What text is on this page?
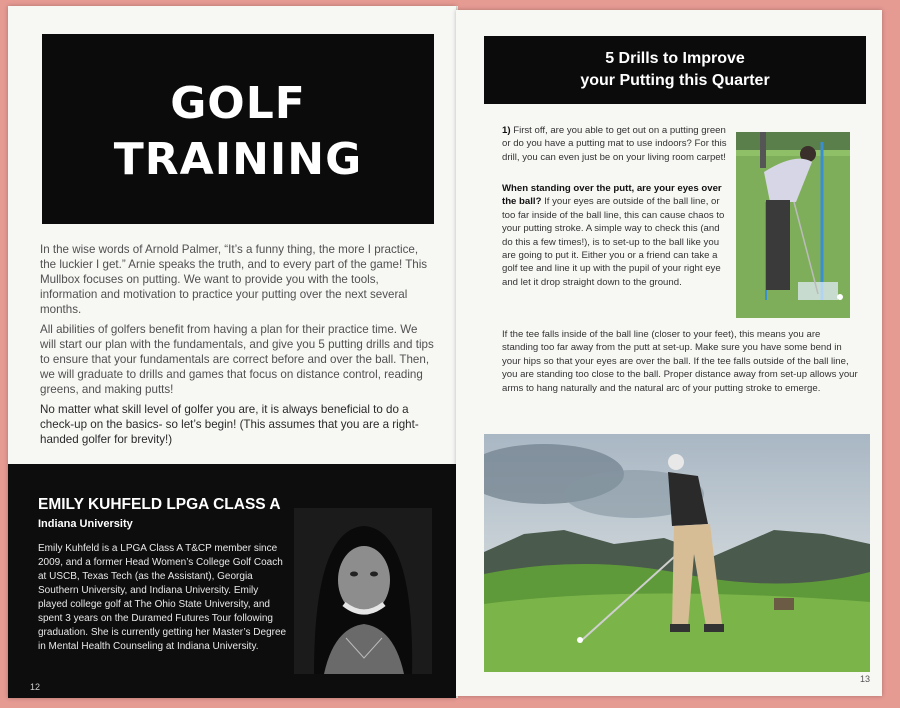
GOLF
TRAINING
In the wise words of Arnold Palmer, “It’s a funny thing, the more I practice, the luckier I get.” Arnie speaks the truth, and to every part of the game! This Mullbox focuses on putting. We want to provide you with the tools, information and motivation to practice your putting over the next several months.
All abilities of golfers benefit from having a plan for their practice time. We will start our plan with the fundamentals, and give you 5 putting drills and tips to ensure that your fundamentals are correct before and over the ball. Then, we will graduate to drills and games that focus on distance control, reading greens, and making putts!
No matter what skill level of golfer you are, it is always beneficial to do a check-up on the basics- so let’s begin! (This assumes that you are a right-handed golfer for brevity!)
EMILY KUHFELD LPGA CLASS A
Indiana University
Emily Kuhfeld is a LPGA Class A T&CP member since 2009, and a former Head Women’s College Golf Coach at USCB, Texas Tech (as the Assistant), Georgia Southern University, and Indiana University. Emily played college golf at The Ohio State University, and spent 3 years on the Duramed Futures Tour following graduation. She is currently getting her Master’s Degree in Mental Health Counseling at Indiana University.
12
5 Drills to Improve
your Putting this Quarter
1) First off, are you able to get out on a putting green or do you have a putting mat to use indoors? For this drill, you can even just be on your living room carpet!
When standing over the putt, are your eyes over the ball? If your eyes are outside of the ball line, or too far inside of the ball line, this can cause chaos to your putting stroke. A simple way to check this (and do this a few times!), is to set-up to the ball like you are going to put it. Either you or a friend can take a golf tee and line it up with the pupil of your right eye and let it drop straight down to the ground.
If the tee falls inside of the ball line (closer to your feet), this means you are standing too far away from the putt at set-up. Make sure you have some bend in your hips so that your eyes are over the ball. If the tee falls outside of the ball line, you are standing too close to the ball. Proper distance away from set-up allows your arms to hang naturally and the natural arc of your putting stroke to emerge.
13
